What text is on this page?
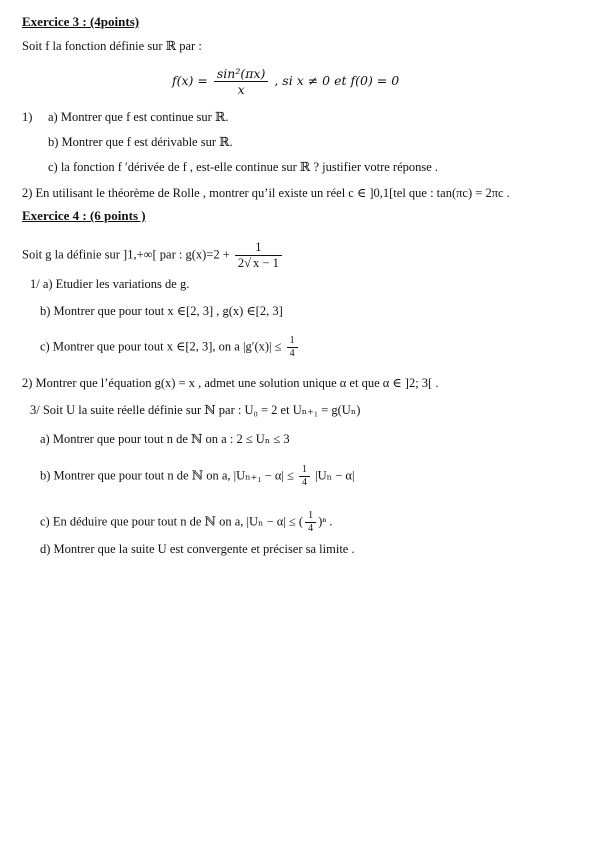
Exercice 3 : (4points)
Soit f la fonction définie sur ℝ par :
$f(x) = \frac{\text{sin²(πx)}}{x}$ , si x ≠ 0 et f(0) = 0
1) a) Montrer que f est continue sur ℝ.
b) Montrer que f est dérivable sur ℝ.
c) la fonction f ′dérivée de f , est-elle continue sur ℝ ? justifier votre réponse .
2) En utilisant le théorème de Rolle , montrer qu’il existe un réel c ∈ ]0,1[tel que : tan(πc) = 2πc .
Exercice 4 : (6 points )
Soit g la définie sur ]1,+∞[ par : $g(x)=2 + \frac{1}{2√ x - 1}$
1/ a) Etudier les variations de g.
b) Montrer que pour tout x ∈[2, 3] , g(x) ∈[2, 3]
c) Montrer que pour tout x ∈[2, 3], on a $|g'(x)| \le \frac{1}{4}$
2) Montrer que l’équation g(x) = x , admet une solution unique α et que α ∈ ]2; 3[ .
3/ Soit U la suite réelle définie sur ℕ par : U₀ = 2 et Uₙ₊₁ = g(Uₙ)
a) Montrer que pour tout n de ℕ on a : 2 ≤ Uₙ ≤ 3
b) Montrer que pour tout n de ℕ on a, $|U_{n+1} - \alpha| \le \frac{1}{4} |U_n - \alpha|$
c) En déduire que pour tout n de ℕ on a, |Uₙ − α| ≤ ( $\frac{1}{4} )^n$ .
d) Montrer que la suite U est convergente et préciser sa limite .
